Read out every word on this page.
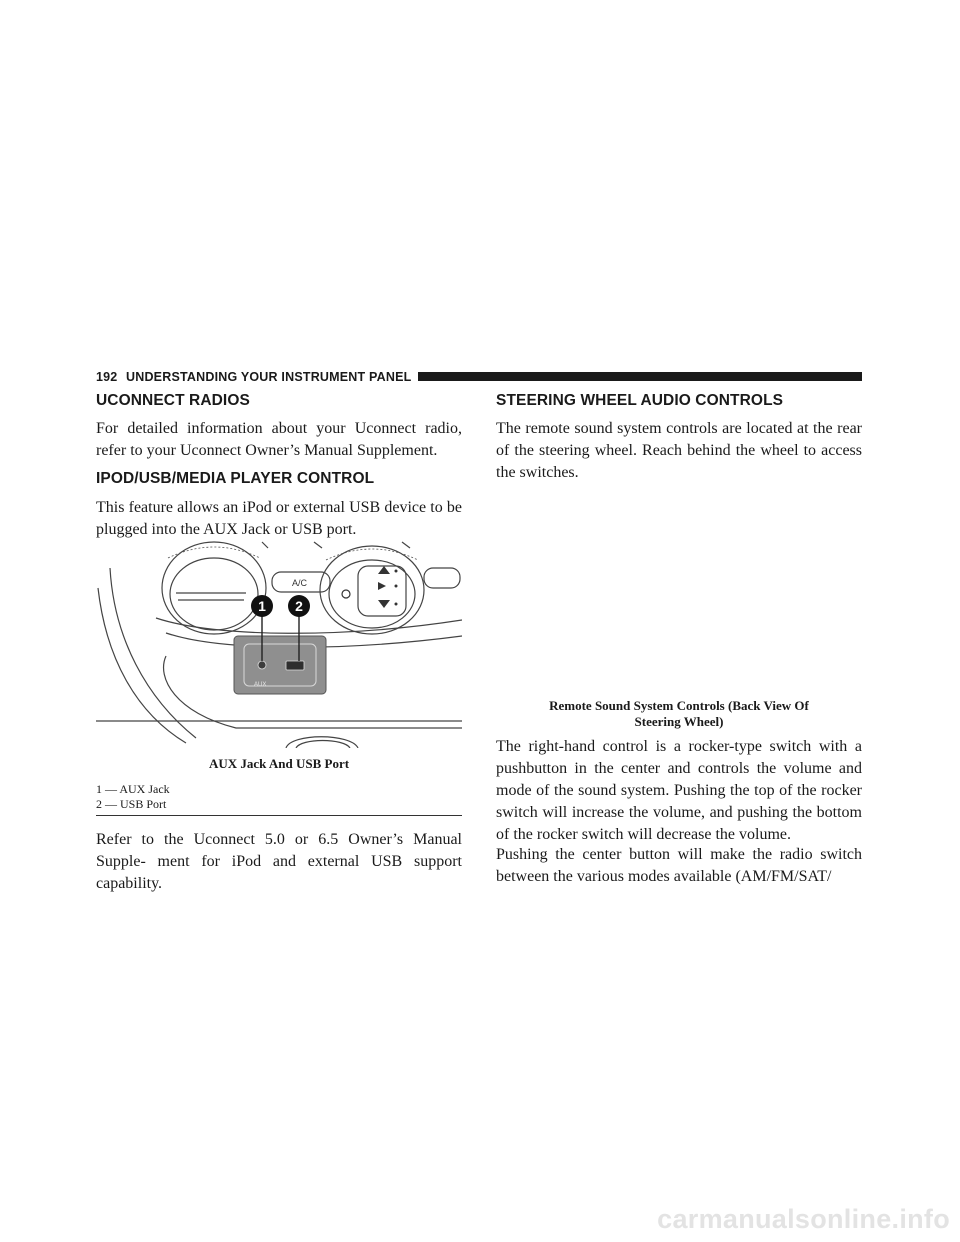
192 UNDERSTANDING YOUR INSTRUMENT PANEL
UCONNECT RADIOS

For detailed information about your Uconnect radio, refer to your Uconnect Owner’s Manual Supplement.

IPOD/USB/MEDIA PLAYER CONTROL

This feature allows an iPod or external USB device to be plugged into the AUX Jack or USB port.

A/C
AUX
1 2
AUX Jack And USB Port
1 — AUX Jack
2 — USB Port

Refer to the Uconnect 5.0 or 6.5 Owner’s Manual Supple- ment for iPod and external USB support capability.

STEERING WHEEL AUDIO CONTROLS

The remote sound system controls are located at the rear of the steering wheel. Reach behind the wheel to access the switches.

Remote Sound System Controls (Back View Of
Steering Wheel)

The right-hand control is a rocker-type switch with a pushbutton in the center and controls the volume and mode of the sound system. Pushing the top of the rocker switch will increase the volume, and pushing the bottom of the rocker switch will decrease the volume.

Pushing the center button will make the radio switch between the various modes available (AM/FM/SAT/

carmanualsonline.info
